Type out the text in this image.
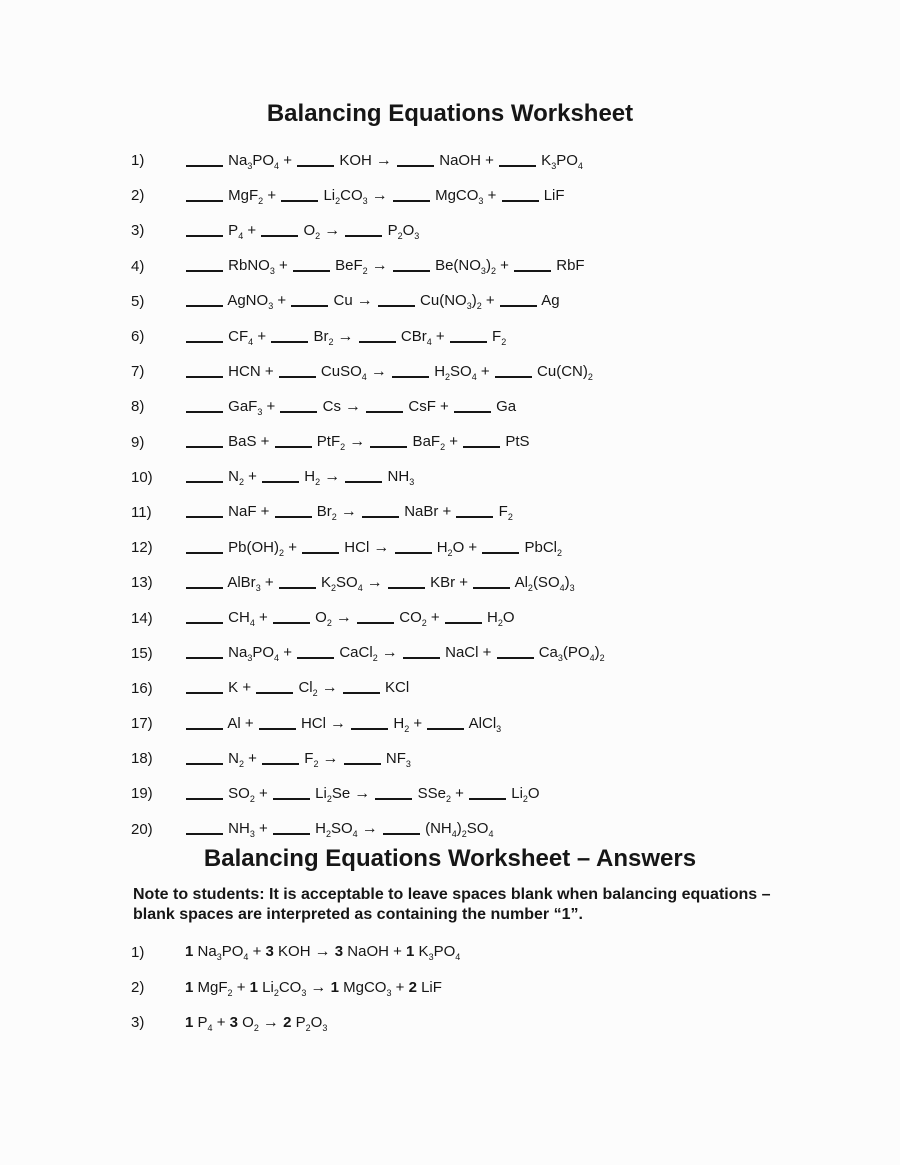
Balancing Equations Worksheet
1)	$Na_3PO_4$ +	KOH →	NaOH +	$K_3PO_4$
2)	MgF$_2$ +	$Li_2CO_3$ →	MgCO$_3$ +	LiF
3)	$P_4$ +	$O_2$ →	$P_2O_3$
4)	RbNO$_3$ +	BeF$_2$ →	$Be(NO_3)_2$ +	RbF
5)	AgNO$_3$ +	Cu →	$Cu(NO_3)_2$ +	Ag
6)	$CF_4$ +	$Br_2$ →	CBr$_4$ +	$F_2$
7)	HCN +	CuSO$_4$ →	$H_2SO_4$ +	$Cu(CN)_2$
8)	GaF$_3$ +	Cs →	CsF +	Ga
9)	BaS +	PtF$_2$ →	BaF$_2$ +	PtS
10)	$N_2$ +	$H_2$ →	$NH_3$
11)	NaF +	$Br_2$ →	NaBr +	$F_2$
12)	$Pb(OH)_2$ +	HCl →	$H_2O$ +	PbCl$_2$
13)	AlBr$_3$ +	$K_2SO_4$ →	KBr +	$Al_2(SO_4)_3$
14)	$CH_4$ +	$O_2$ →	$CO_2$ +	$H_2O$
15)	$Na_3PO_4$ +	CaCl$_2$ →	NaCl +	$Ca_3(PO_4)_2$
16)	K +	$Cl_2$ →	KCl
17)	Al +	HCl →	$H_2$ +	AlCl$_3$
18)	$N_2$ +	$F_2$ →	$NF_3$
19)	$SO_2$ +	$Li_2Se$ →	SSe$_2$ +	$Li_2O$
20)	$NH_3$ +	$H_2SO_4$ →	$(NH_4)_2SO_4$
Balancing Equations Worksheet – Answers

Note to students: It is acceptable to leave spaces blank when balancing equations – blank spaces are interpreted as containing the number “1”.

1)	1 $Na_3PO_4 + 3$ KOH → 3 NaOH + 1 $K_3PO_4$
2)	1 MgF$_2$ + 1 $Li_2CO_3 \to 1$ MgCO$_3$ + 2 LiF
3)	1 $P_4 + 3$ $O_2 \to 2$ $P_2O_3$
